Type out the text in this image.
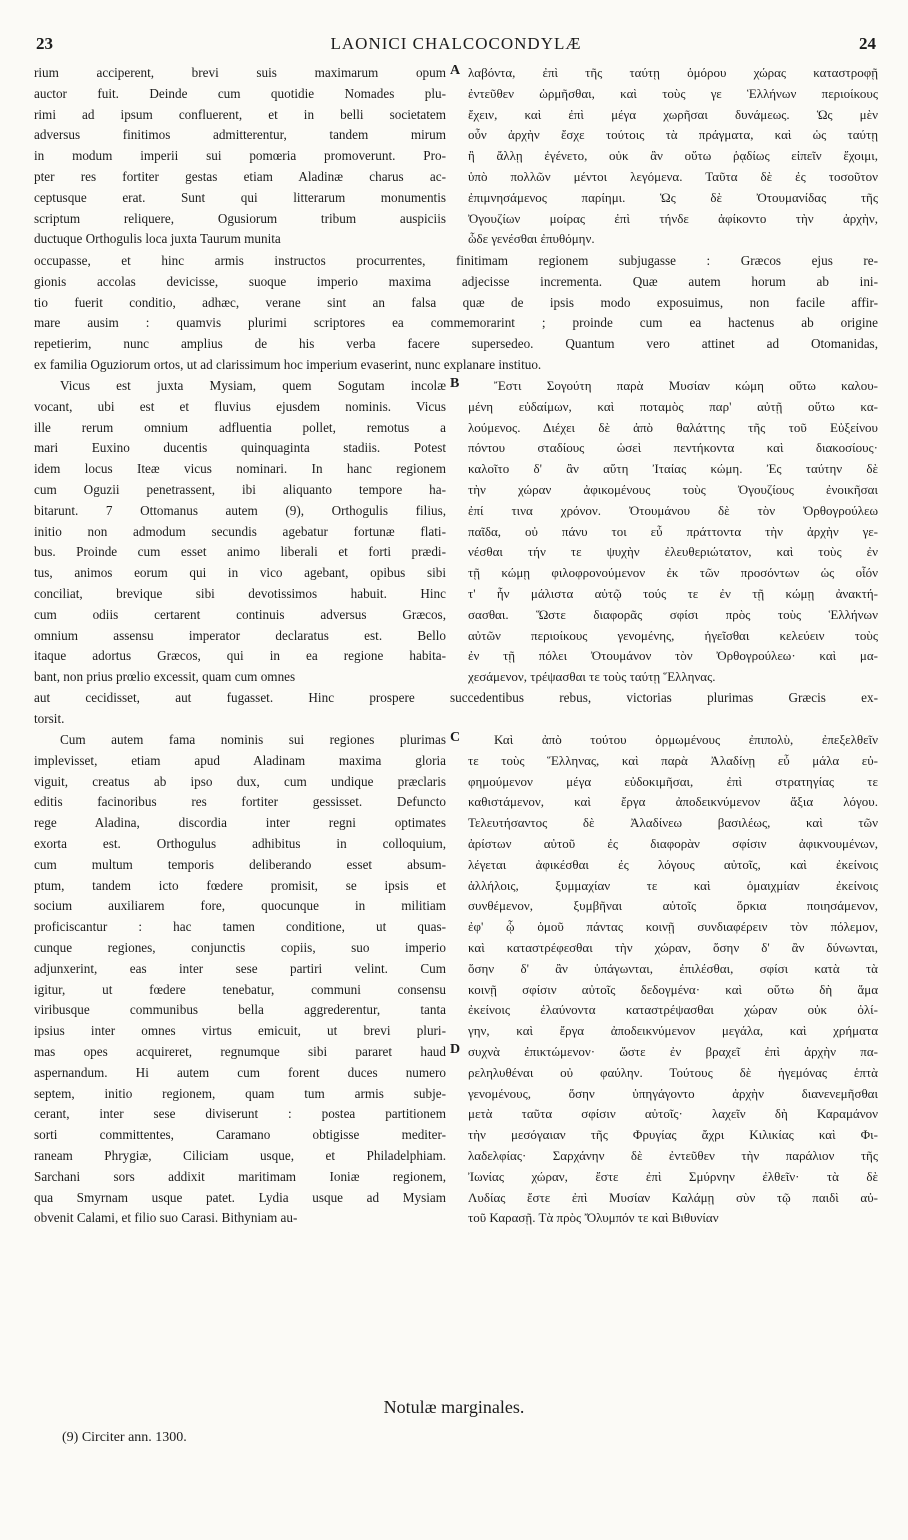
23	LAONICI CHALCOCONDYLÆ	24
rium acciperent, brevi suis maximarum opum
auctor fuit. Deinde cum quotidie Nomades plu-
rimi ad ipsum confluerent, et in belli societatem
adversus finitimos admitterentur, tandem mirum
in modum imperii sui pomœria promoverunt. Pro-
pter res fortiter gestas etiam Aladinæ charus ac-
ceptusque erat. Sunt qui litterarum monumentis
scriptum reliquere, Ogusiorum tribum auspiciis
ductuque Orthogulis loca juxta Taurum munita
A λαβόντα, ἐπὶ τῆς ταύτῃ ὁμόρου χώρας καταστροφῇ
ἐντεῦθεν ὡρμῆσθαι, καὶ τοὺς γε Ἑλλήνων περιοίκους
ἔχειν, καὶ ἐπὶ μέγα χωρῆσαι δυνάμεως. Ὡς μὲν
οὖν ἀρχὴν ἔσχε τούτοις τὰ πράγματα, καὶ ὡς ταύτῃ
ἢ ἄλλῃ ἐγένετο, οὐκ ἂν οὕτω ῥᾳδίως εἰπεῖν ἔχοιμι,
ὑπὸ πολλῶν μέντοι λεγόμενα. Ταῦτα δὲ ἐς τοσοῦτον
ἐπιμνησάμενος παρίημι. Ὡς δὲ Ὀτουμανίδας τῆς
Ὀγουζίων μοίρας ἐπὶ τήνδε ἀφίκοντο τὴν ἀρχὴν,
ὧδε γενέσθαι ἐπυθόμην.
occupasse, et hinc armis instructos procurrentes, finitimam regionem subjugasse : Græcos ejus re-
gionis accolas devicisse, suoque imperio maxima adjecisse incrementa. Quæ autem horum ab ini-
tio fuerit conditio, adhæc, verane sint an falsa quæ de ipsis modo exposuimus, non facile affir-
mare ausim : quamvis plurimi scriptores ea commemorarint ; proinde cum ea hactenus ab origine
repetierim, nunc amplius de his verba facere supersedeo. Quantum vero attinet ad Otomanidas,
ex familia Oguziorum ortos, ut ad clarissimum hoc imperium evaserint, nunc explanare instituo.
Vicus est juxta Mysiam, quem Sogutam incolæ
vocant, ubi est et fluvius ejusdem nominis. Vicus
ille rerum omnium adfluentia pollet, remotus a
mari Euxino ducentis quinquaginta stadiis. Potest
idem locus Iteæ vicus nominari. In hanc regionem
cum Oguzii penetrassent, ibi aliquanto tempore ha-
bitarunt. 7 Ottomanus autem (9), Orthogulis filius,
initio non admodum secundis agebatur fortunæ flati-
bus. Proinde cum esset animo liberali et forti prædi-
tus, animos eorum qui in vico agebant, opibus sibi
conciliat, brevique sibi devotissimos habuit. Hinc
cum odiis certarent continuis adversus Græcos,
omnium assensu imperator declaratus est. Bello
itaque adortus Græcos, qui in ea regione habita-
bant, non prius prœlio excessit, quam cum omnes
B	Ἔστι Σογούτη παρὰ Μυσίαν κώμη οὕτω καλου-
μένη εὐδαίμων, καὶ ποταμὸς παρ' αὐτῇ οὕτω κα-
λούμενος. Διέχει δὲ ἀπὸ θαλάττης τῆς τοῦ Εὐξείνου
πόντου σταδίους ὡσεὶ πεντήκοντα καὶ διακοσίους·
καλοῖτο δ' ἂν αὕτη Ἰταίας κώμη. Ἐς ταύτην δὲ
τὴν χώραν ἀφικομένους τοὺς Ὀγουζίους ἐνοικῆσαι
ἐπί τινα χρόνον. Ὀτουμάνου δὲ τὸν Ὀρθογρούλεω
παῖδα, οὐ πάνυ τοι εὖ πράττοντα τὴν ἀρχὴν γε-
νέσθαι τήν τε ψυχὴν ἐλευθεριώτατον, καὶ τοὺς ἐν
τῇ κώμῃ φιλοφρονούμενον ἐκ τῶν προσόντων ὡς οἷόν
τ' ἦν μάλιστα αὐτῷ τούς τε ἐν τῇ κώμῃ ἀνακτή-
σασθαι. Ὥστε διαφορᾶς σφίσι πρὸς τοὺς Ἑλλήνων
αὐτῶν περιοίκους γενομένης, ἡγεῖσθαι κελεύειν τοὺς
ἐν τῇ πόλει Ὀτουμάνον τὸν Ὀρθογρούλεω· καὶ μα-
χεσάμενον, τρέψασθαι τε τοὺς ταύτῃ Ἕλληνας.
aut cecidisset, aut fugasset. Hinc prospere succedentibus rebus, victorias plurimas Græcis ex-
torsit.
Cum autem fama nominis sui regiones plurimas
implevisset, etiam apud Aladinam maxima gloria
viguit, creatus ab ipso dux, cum undique præclaris
editis facinoribus res fortiter gessisset. Defuncto
rege Aladina, discordia inter regni optimates
exorta est. Orthogulus adhibitus in colloquium,
cum multum temporis deliberando esset absum-
ptum, tandem icto fœdere promisit, se ipsis et
socium auxiliarem fore, quocunque in militiam
proficiscantur : hac tamen conditione, ut quas-
cunque regiones, conjunctis copiis, suo imperio
adjunxerint, eas inter sese partiri velint. Cum
igitur, ut fœdere tenebatur, communi consensu
viribusque communibus bella aggrederentur, tanta
ipsius inter omnes virtus emicuit, ut brevi pluri-
mas opes acquireret, regnumque sibi pararet haud
aspernandum. Hi autem cum forent duces numero
septem, initio regionem, quam tum armis subje-
cerant, inter sese diviserunt : postea partitionem
sorti committentes, Caramano obtigisse mediter-
raneam Phrygiæ, Ciliciam usque, et Philadelphiam.
Sarchani sors addixit maritimam Ioniæ regionem,
qua Smyrnam usque patet. Lydia usque ad Mysiam
obvenit Calami, et filio suo Carasi. Bithyniam au-
C
D
Καὶ ἀπὸ τούτου ὁρμωμένους ἐπιπολὺ, ἐπεξελθεῖν
τε τοὺς Ἕλληνας, καὶ παρὰ Ἀλαδίνῃ εὖ μάλα εὐ-
φημούμενον μέγα εὐδοκιμῆσαι, ἐπὶ στρατηγίας τε
καθιστάμενον, καὶ ἔργα ἀποδεικνύμενον ἄξια λόγου.
Τελευτήσαντος δὲ Ἀλαδίνεω βασιλέως, καὶ τῶν
ἀρίστων αὐτοῦ ἐς διαφορὰν σφίσιν ἀφικνουμένων,
λέγεται ἀφικέσθαι ἐς λόγους αὐτοῖς, καὶ ἐκείνοις
ἀλλήλοις, ξυμμαχίαν τε καὶ ὁμαιχμίαν ἐκείνοις
συνθέμενον, ξυμβῆναι αὐτοῖς ὅρκια ποιησάμενον,
ἐφ' ᾧ ὁμοῦ πάντας κοινῇ συνδιαφέρειν τὸν πόλεμον,
καὶ καταστρέφεσθαι τὴν χώραν, ὅσην δ' ἂν δύνωνται,
ὅσην δ' ἂν ὑπάγωνται, ἐπιλέσθαι, σφίσι κατὰ τὰ
κοινῇ σφίσιν αὐτοῖς δεδογμένα· καὶ οὕτω δὴ ἅμα
ἐκείνοις ἐλαύνοντα καταστρέψασθαι χώραν οὐκ ὀλί-
γην, καὶ ἔργα ἀποδεικνύμενον μεγάλα, καὶ χρήματα
συχνὰ ἐπικτώμενον· ὥστε ἐν βραχεῖ ἐπὶ ἀρχὴν πα-
ρεληλυθέναι οὐ φαύλην. Τούτους δὲ ἡγεμόνας ἑπτὰ
γενομένους, ὅσην ὑπηγάγοντο ἀρχὴν διανενεμῆσθαι
μετὰ ταῦτα σφίσιν αὐτοῖς· λαχεῖν δὴ Καραμάνον
τὴν μεσόγαιαν τῆς Φρυγίας ἄχρι Κιλικίας καὶ Φι-
λαδελφίας· Σαρχάνην δὲ ἐντεῦθεν τὴν παράλιον τῆς
Ἰωνίας χώραν, ἔστε ἐπὶ Σμύρνην ἐλθεῖν· τὰ δὲ
Λυδίας ἔστε ἐπὶ Μυσίαν Καλάμῃ σὺν τῷ παιδὶ αὐ-
τοῦ Καρασῇ. Τὰ πρὸς Ὄλυμπόν τε καὶ Βιθυνίαν
Notulæ marginales.
(9) Circiter ann. 1300.
